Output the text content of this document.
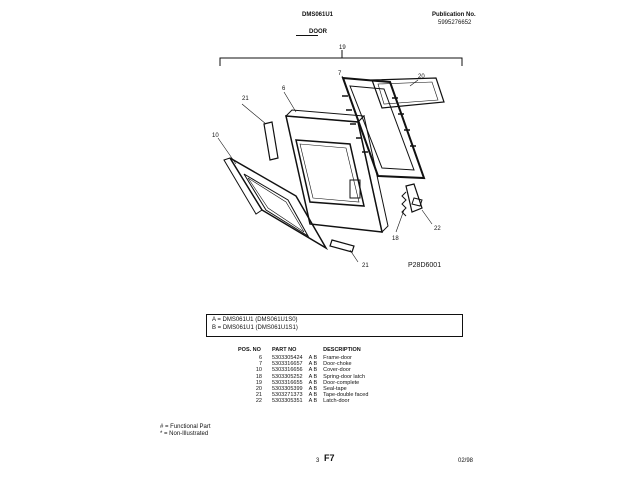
DMS061U1	Publication No.
5995276652
DOOR
19
7	20
6
21
10
18
22
21	P28D6001
A = DMS061U1 (DMS061U1S0)
B = DMS061U1 (DMS061U1S1)
POS. NO	PART NO		DESCRIPTION
6	5303305424	A B	Frame-door
7	5303316657	A B	Door-choke
10	5303316656	A B	Cover-door
18	5303305252	A B	Spring-door latch
19	5303316655	A B	Door-complete
20	5303305399	A B	Seal-tape
21	5303271373	A B	Tape-double faced
22	5303305351	A B	Latch-door
# = Functional Part
* = Non-Illustrated
3 F7	02/98
